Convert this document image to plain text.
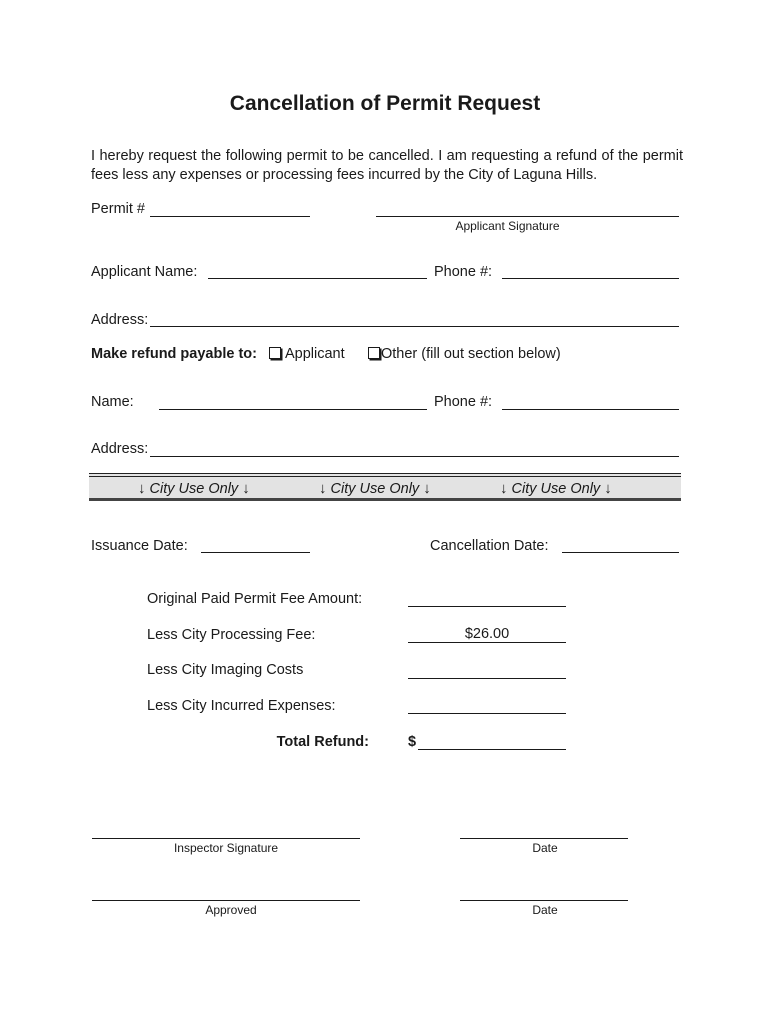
Cancellation of Permit Request
I hereby request the following permit to be cancelled. I am requesting a refund of the permit fees less any expenses or processing fees incurred by the City of Laguna Hills.
Permit #
Applicant Signature
Applicant Name:	Phone #:
Address:
Make refund payable to:	Applicant	Other (fill out section below)
Name:	Phone #:
Address:
↓ City Use Only ↓	↓ City Use Only ↓	↓ City Use Only ↓
Issuance Date:	Cancellation Date:
Original Paid Permit Fee Amount:
Less City Processing Fee:	$26.00
Less City Imaging Costs
Less City Incurred Expenses:
Total Refund:	$
Inspector Signature	Date
Approved	Date
